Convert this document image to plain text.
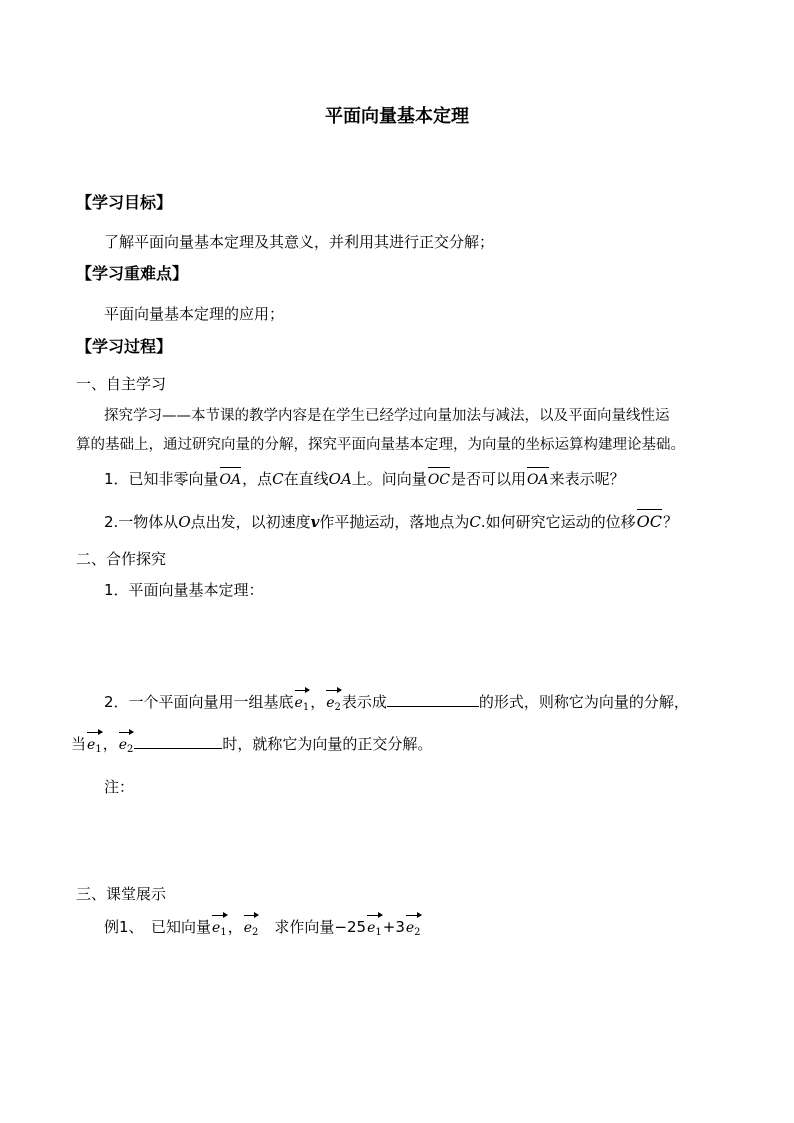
平面向量基本定理
【学习目标】
了解平面向量基本定理及其意义，并利用其进行正交分解；
【学习重难点】
平面向量基本定理的应用；
【学习过程】
一、自主学习
探究学习——本节课的教学内容是在学生已经学过向量加法与减法，以及平面向量线性运
算的基础上，通过研究向量的分解，探究平面向量基本定理，为向量的坐标运算构建理论基础。
1．已知非零向量OA，点C在直线OA上。问向量OC是否可以用OA来表示呢？
2.一物体从O点出发，以初速度v作平抛运动，落地点为C.如何研究它运动的位移OC？
二、合作探究
1．平面向量基本定理：
2．一个平面向量用一组基底$e_1$，$e_2$表示成	的形式，则称它为向量的分解，
当$e_1$，$e_2$	时，就称它为向量的正交分解。
注：
三、课堂展示
例1、　已知向量$e_1$，$e_2$　求作向量$-25e_1+3e_2$
